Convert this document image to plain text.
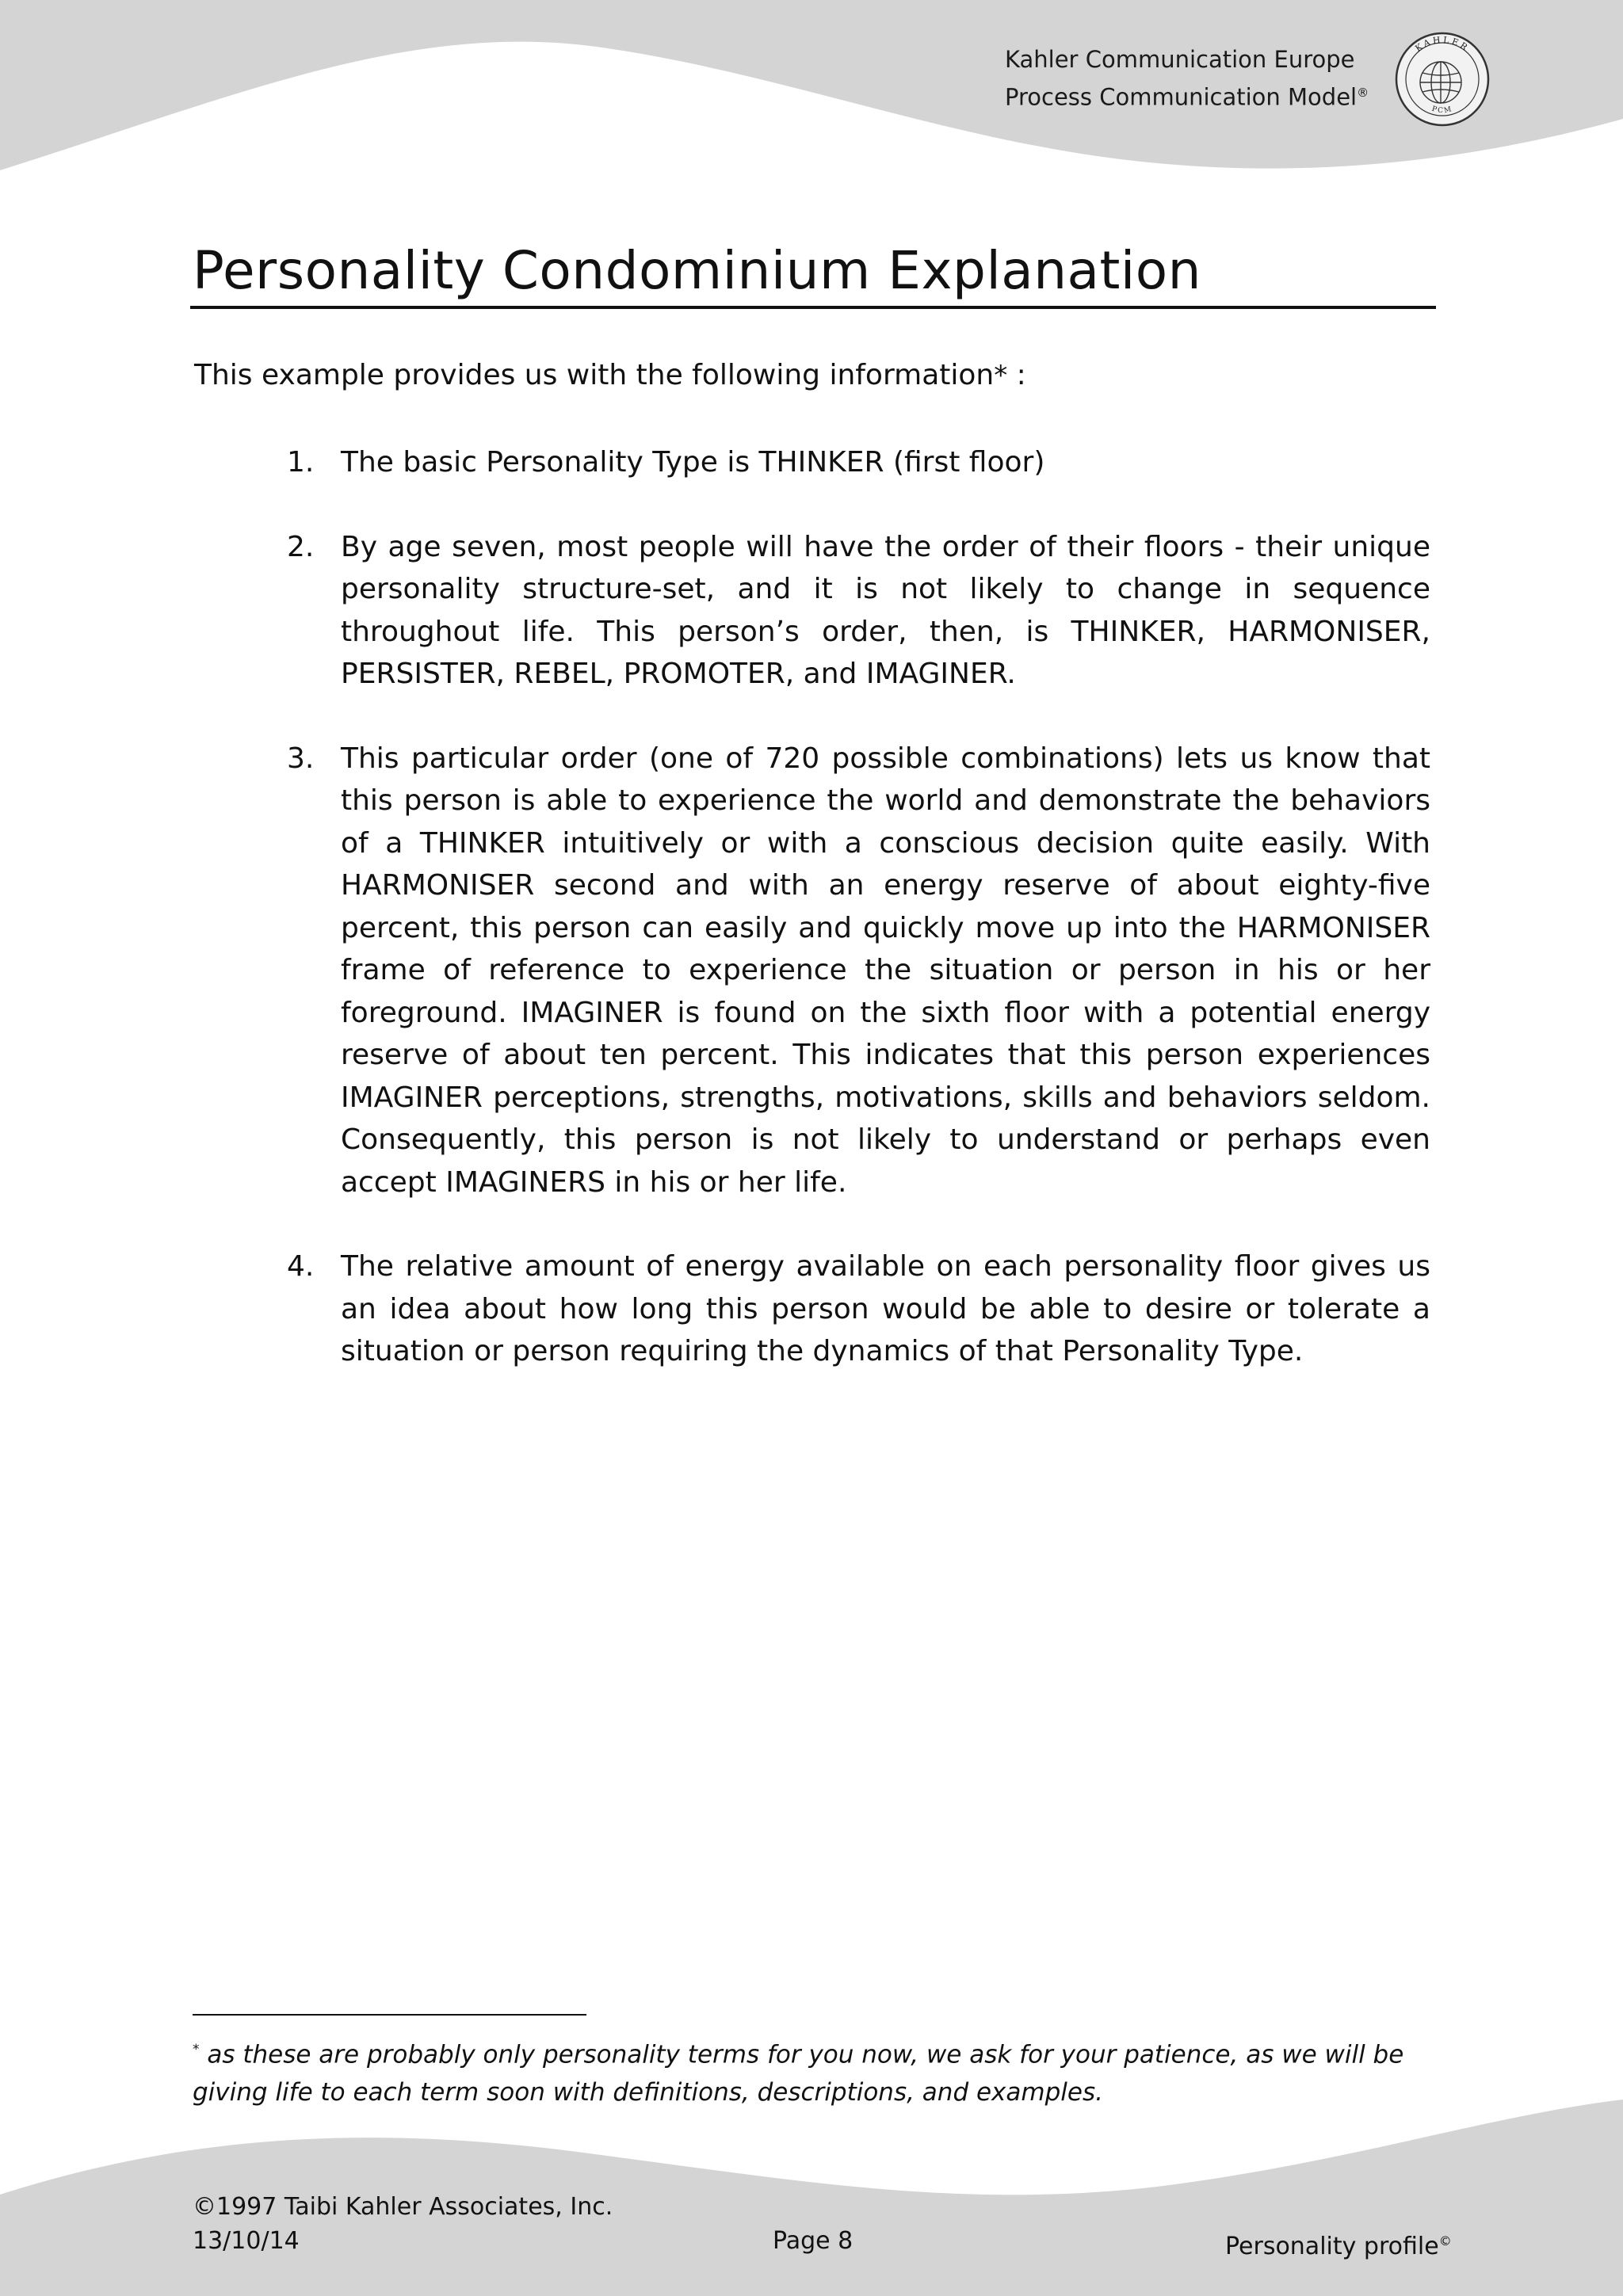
Kahler Communication Europe
Process Communication Model®
KAHLER
PCM
Personality Condominium Explanation

This example provides us with the following information* :

1. The basic Personality Type is THINKER (first floor)
2. By age seven, most people will have the order of their floors - their unique personality structure-set, and it is not likely to change in sequence throughout life. This person’s order, then, is THINKER, HARMONISER, PERSISTER, REBEL, PROMOTER, and IMAGINER.
3. This particular order (one of 720 possible combinations) lets us know that this person is able to experience the world and demonstrate the behaviors of a THINKER intuitively or with a conscious decision quite easily. With HARMONISER second and with an energy reserve of about eighty-five percent, this person can easily and quickly move up into the HARMONISER frame of reference to experience the situation or person in his or her foreground. IMAGINER is found on the sixth floor with a potential energy reserve of about ten percent. This indicates that this person experiences IMAGINER perceptions, strengths, motivations, skills and behaviors seldom. Consequently, this person is not likely to understand or perhaps even accept IMAGINERS in his or her life.
4. The relative amount of energy available on each personality floor gives us an idea about how long this person would be able to desire or tolerate a situation or person requiring the dynamics of that Personality Type.
* as these are probably only personality terms for you now, we ask for your patience, as we will be giving life to each term soon with definitions, descriptions, and examples.
©1997 Taibi Kahler Associates, Inc.
13/10/14	Page 8	Personality profile©
